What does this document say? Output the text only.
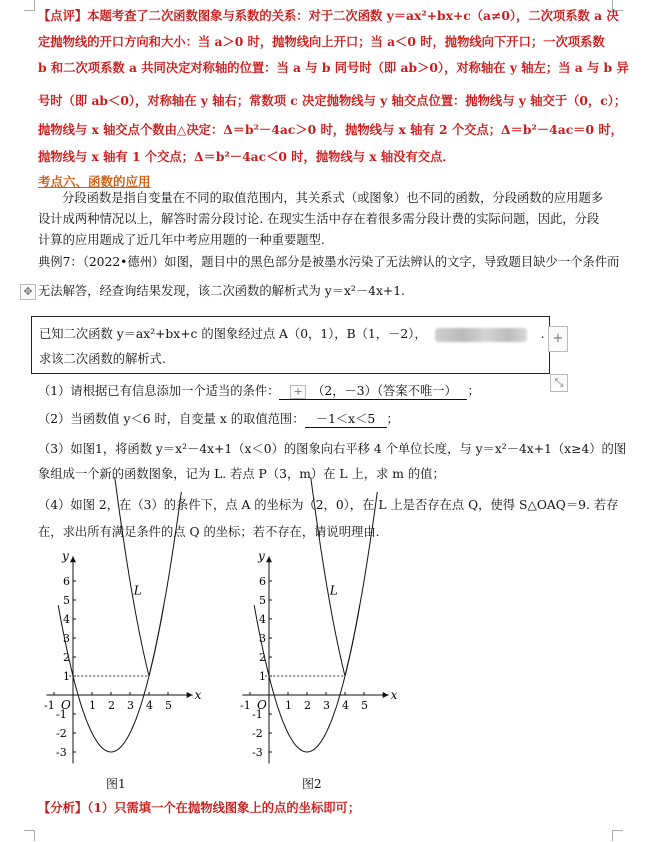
【点评】本题考查了二次函数图象与系数的关系：对于二次函数 y＝ax²+bx+c（a≠0），二次项系数 a 决
定抛物线的开口方向和大小：当 a＞0 时，抛物线向上开口；当 a＜0 时，抛物线向下开口；一次项系数
b 和二次项系数 a 共同决定对称轴的位置：当 a 与 b 同号时（即 ab＞0），对称轴在 y 轴左；当 a 与 b 异
号时（即 ab＜0），对称轴在 y 轴右；常数项 c 决定抛物线与 y 轴交点位置：抛物线与 y 轴交于（0，c）；
抛物线与 x 轴交点个数由△决定：Δ＝b²－4ac＞0 时，抛物线与 x 轴有 2 个交点；Δ＝b²－4ac＝0 时，
抛物线与 x 轴有 1 个交点；Δ＝b²－4ac＜0 时，抛物线与 x 轴没有交点．
考点六、函数的应用
分段函数是指自变量在不同的取值范围内，其关系式（或图象）也不同的函数，分段函数的应用题多设计成两种情况以上，解答时需分段讨论. 在现实生活中存在着很多需分段计费的实际问题，因此，分段计算的应用题成了近几年中考应用题的一种重要题型.
典例7：（2022•德州）如图，题目中的黑色部分是被墨水污染了无法辨认的文字，导致题目缺少一个条件而
✥ 无法解答，经查询结果发现，该二次函数的解析式为 y＝x²－4x+1.
已知二次函数 y＝ax²+bx+c 的图象经过点 A（0，1），B（1，－2），	.
求该二次函数的解析式.
+
⤡
（1）请根据已有信息添加一个适当的条件： + （2，－3）（答案不唯一） ；
（2）当函数值 y＜6 时，自变量 x 的取值范围： －1＜x＜5 ；
（3）如图1，将函数 y＝x²－4x+1（x＜0）的图象向右平移 4 个单位长度，与 y＝x²－4x+1（x≥4）的图
象组成一个新的函数图象，记为 L. 若点 P（3，m）在 L 上，求 m 的值；
（4）如图 2，在（3）的条件下，点 A 的坐标为（2，0），在 L 上是否存在点 Q，使得 S△OAQ＝9. 若存
在，求出所有满足条件的点 Q 的坐标；若不存在，请说明理由.
x
y
O
-1	1 2 3 4 5
6
5
4
3
2
1
-1
-2
-3
L
x
y
O
-1	1 2 3 4 5
6
5
4
3
2
1
-1
-2
-3
L
图1	图2
【分析】（1）只需填一个在抛物线图象上的点的坐标即可；
